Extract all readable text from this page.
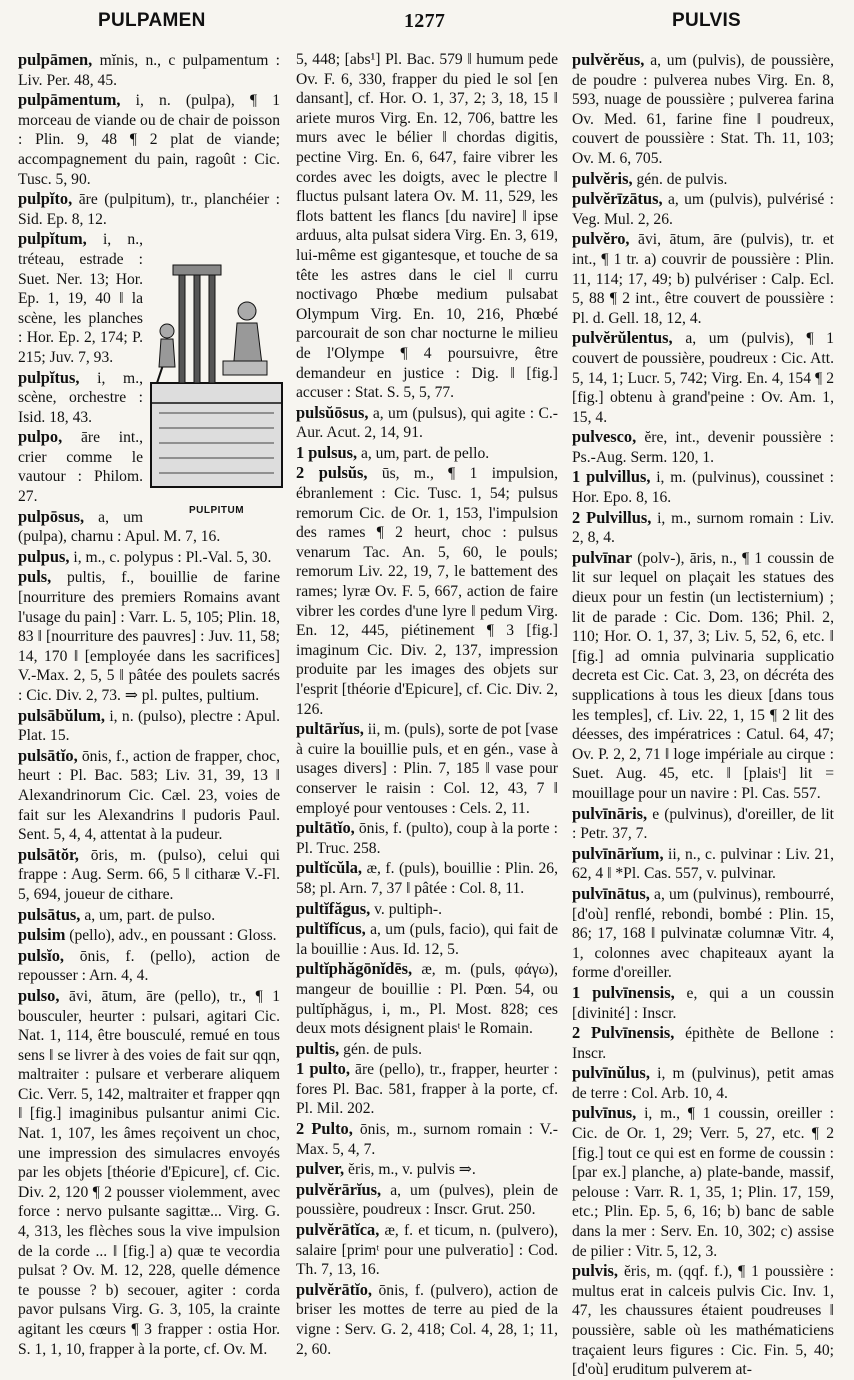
PULPAMEN	1277	PULVIS

pulpāmen, mĭnis, n., c pulpamentum : Liv. Per. 48, 45.

pulpāmentum, i, n. (pulpa), ¶ 1 morceau de viande ou de chair de poisson : Plin. 9, 48 ¶ 2 plat de viande; accompagnement du pain, ragoût : Cic. Tusc. 5, 90.

pulpĭto, āre (pulpitum), tr., planchéier : Sid. Ep. 8, 12.

PULPITUM
pulpĭtum, i, n., tréteau, estrade : Suet. Ner. 13; Hor. Ep. 1, 19, 40 ‖ la scène, les planches : Hor. Ep. 2, 174; P. 215; Juv. 7, 93.

pulpĭtus, i, m., scène, orchestre : Isid. 18, 43.

pulpo, āre int., crier comme le vautour : Philom. 27.

pulpōsus, a, um (pulpa), charnu : Apul. M. 7, 16.

pulpus, i, m., c. polypus : Pl.-Val. 5, 30.

puls, pultis, f., bouillie de farine [nourriture des premiers Romains avant l'usage du pain] : Varr. L. 5, 105; Plin. 18, 83 ‖ [nourriture des pauvres] : Juv. 11, 58; 14, 170 ‖ [employée dans les sacrifices] V.-Max. 2, 5, 5 ‖ pâtée des poulets sacrés : Cic. Div. 2, 73. ⇒ pl. pultes, pultium.

pulsābŭlum, i, n. (pulso), plectre : Apul. Plat. 15.

pulsātĭo, ōnis, f., action de frapper, choc, heurt : Pl. Bac. 583; Liv. 31, 39, 13 ‖ Alexandrinorum Cic. Cæl. 23, voies de fait sur les Alexandrins ‖ pudoris Paul. Sent. 5, 4, 4, attentat à la pudeur.

pulsātŏr, ōris, m. (pulso), celui qui frappe : Aug. Serm. 66, 5 ‖ citharæ V.-Fl. 5, 694, joueur de cithare.

pulsātus, a, um, part. de pulso.

pulsim (pello), adv., en poussant : Gloss.

pulsĭo, ōnis, f. (pello), action de repousser : Arn. 4, 4.

pulso, āvi, ātum, āre (pello), tr., ¶ 1 bousculer, heurter : pulsari, agitari Cic. Nat. 1, 114, être bousculé, remué en tous sens ‖ se livrer à des voies de fait sur qqn, maltraiter : pulsare et verberare aliquem Cic. Verr. 5, 142, maltraiter et frapper qqn ‖ [fig.] imaginibus pulsantur animi Cic. Nat. 1, 107, les âmes reçoivent un choc, une impression des simulacres envoyés par les objets [théorie d'Epicure], cf. Cic. Div. 2, 120 ¶ 2 pousser violemment, avec force : nervo pulsante sagittæ... Virg. G. 4, 313, les flèches sous la vive impulsion de la corde ... ‖ [fig.] a) quæ te vecordia pulsat ? Ov. M. 12, 228, quelle démence te pousse ? b) secouer, agiter : corda pavor pulsans Virg. G. 3, 105, la crainte agitant les cœurs ¶ 3 frapper : ostia Hor. S. 1, 1, 10, frapper à la porte, cf. Ov. M.

5, 448; [abs¹] Pl. Bac. 579 ‖ humum pede Ov. F. 6, 330, frapper du pied le sol [en dansant], cf. Hor. O. 1, 37, 2; 3, 18, 15 ‖ ariete muros Virg. En. 12, 706, battre les murs avec le bélier ‖ chordas digitis, pectine Virg. En. 6, 647, faire vibrer les cordes avec les doigts, avec le plectre ‖ fluctus pulsant latera Ov. M. 11, 529, les flots battent les flancs [du navire] ‖ ipse arduus, alta pulsat sidera Virg. En. 3, 619, lui-même est gigantesque, et touche de sa tête les astres dans le ciel ‖ curru noctivago Phœbe medium pulsabat Olympum Virg. En. 10, 216, Phœbé parcourait de son char nocturne le milieu de l'Olympe ¶ 4 poursuivre, être demandeur en justice : Dig. ‖ [fig.] accuser : Stat. S. 5, 5, 77.

pulsŭōsus, a, um (pulsus), qui agite : C.-Aur. Acut. 2, 14, 91.

1 pulsus, a, um, part. de pello.

2 pulsŭs, ūs, m., ¶ 1 impulsion, ébranlement : Cic. Tusc. 1, 54; pulsus remorum Cic. de Or. 1, 153, l'impulsion des rames ¶ 2 heurt, choc : pulsus venarum Tac. An. 5, 60, le pouls; remorum Liv. 22, 19, 7, le battement des rames; lyræ Ov. F. 5, 667, action de faire vibrer les cordes d'une lyre ‖ pedum Virg. En. 12, 445, piétinement ¶ 3 [fig.] imaginum Cic. Div. 2, 137, impression produite par les images des objets sur l'esprit [théorie d'Epicure], cf. Cic. Div. 2, 126.

pultārĭus, ii, m. (puls), sorte de pot [vase à cuire la bouillie puls, et en gén., vase à usages divers] : Plin. 7, 185 ‖ vase pour conserver le raisin : Col. 12, 43, 7 ‖ employé pour ventouses : Cels. 2, 11.

pultātĭo, ōnis, f. (pulto), coup à la porte : Pl. Truc. 258.

pultĭcŭla, æ, f. (puls), bouillie : Plin. 26, 58; pl. Arn. 7, 37 ‖ pâtée : Col. 8, 11.

pultĭfăgus, v. pultiph-.

pultĭfĭcus, a, um (puls, facio), qui fait de la bouillie : Aus. Id. 12, 5.

pultĭphăgōnĭdēs, æ, m. (puls, φάγω), mangeur de bouillie : Pl. Pœn. 54, ou pultĭphăgus, i, m., Pl. Most. 828; ces deux mots désignent plaisᵗ le Romain.

pultis, gén. de puls.

1 pulto, āre (pello), tr., frapper, heurter : fores Pl. Bac. 581, frapper à la porte, cf. Pl. Mil. 202.

2 Pulto, ōnis, m., surnom romain : V.-Max. 5, 4, 7.

pulver, ĕris, m., v. pulvis ⇒.

pulvĕrārĭus, a, um (pulves), plein de poussière, poudreux : Inscr. Grut. 250.

pulvĕrātĭca, æ, f. et ticum, n. (pulvero), salaire [primᵗ pour une pulveratio] : Cod. Th. 7, 13, 16.

pulvĕrātĭo, ōnis, f. (pulvero), action de briser les mottes de terre au pied de la vigne : Serv. G. 2, 418; Col. 4, 28, 1; 11, 2, 60.

pulvĕrĕus, a, um (pulvis), de poussière, de poudre : pulverea nubes Virg. En. 8, 593, nuage de poussière ; pulverea farina Ov. Med. 61, farine fine ‖ poudreux, couvert de poussière : Stat. Th. 11, 103; Ov. M. 6, 705.

pulvĕris, gén. de pulvis.

pulvĕrīzātus, a, um (pulvis), pulvérisé : Veg. Mul. 2, 26.

pulvĕro, āvi, ātum, āre (pulvis), tr. et int., ¶ 1 tr. a) couvrir de poussière : Plin. 11, 114; 17, 49; b) pulvériser : Calp. Ecl. 5, 88 ¶ 2 int., être couvert de poussière : Pl. d. Gell. 18, 12, 4.

pulvĕrŭlentus, a, um (pulvis), ¶ 1 couvert de poussière, poudreux : Cic. Att. 5, 14, 1; Lucr. 5, 742; Virg. En. 4, 154 ¶ 2 [fig.] obtenu à grand'peine : Ov. Am. 1, 15, 4.

pulvesco, ĕre, int., devenir poussière : Ps.-Aug. Serm. 120, 1.

1 pulvillus, i, m. (pulvinus), coussinet : Hor. Epo. 8, 16.

2 Pulvillus, i, m., surnom romain : Liv. 2, 8, 4.

pulvīnar (polv-), āris, n., ¶ 1 coussin de lit sur lequel on plaçait les statues des dieux pour un festin (un lectisternium) ; lit de parade : Cic. Dom. 136; Phil. 2, 110; Hor. O. 1, 37, 3; Liv. 5, 52, 6, etc. ‖ [fig.] ad omnia pulvinaria supplicatio decreta est Cic. Cat. 3, 23, on décréta des supplications à tous les dieux [dans tous les temples], cf. Liv. 22, 1, 15 ¶ 2 lit des déesses, des impératrices : Catul. 64, 47; Ov. P. 2, 2, 71 ‖ loge impériale au cirque : Suet. Aug. 45, etc. ‖ [plaisᵗ] lit = mouillage pour un navire : Pl. Cas. 557.

pulvīnāris, e (pulvinus), d'oreiller, de lit : Petr. 37, 7.

pulvīnārĭum, ii, n., c. pulvinar : Liv. 21, 62, 4 ‖ *Pl. Cas. 557, v. pulvinar.

pulvīnātus, a, um (pulvinus), rembourré, [d'où] renflé, rebondi, bombé : Plin. 15, 86; 17, 168 ‖ pulvinatæ columnæ Vitr. 4, 1, colonnes avec chapiteaux ayant la forme d'oreiller.

1 pulvīnensis, e, qui a un coussin [divinité] : Inscr.

2 Pulvīnensis, épithète de Bellone : Inscr.

pulvīnŭlus, i, m (pulvinus), petit amas de terre : Col. Arb. 10, 4.

pulvīnus, i, m., ¶ 1 coussin, oreiller : Cic. de Or. 1, 29; Verr. 5, 27, etc. ¶ 2 [fig.] tout ce qui est en forme de coussin : [par ex.] planche, a) plate-bande, massif, pelouse : Varr. R. 1, 35, 1; Plin. 17, 159, etc.; Plin. Ep. 5, 6, 16; b) banc de sable dans la mer : Serv. En. 10, 302; c) assise de pilier : Vitr. 5, 12, 3.

pulvis, ĕris, m. (qqf. f.), ¶ 1 poussière : multus erat in calceis pulvis Cic. Inv. 1, 47, les chaussures étaient poudreuses ‖ poussière, sable où les mathématiciens traçaient leurs figures : Cic. Fin. 5, 40; [d'où] eruditum pulverem at-
